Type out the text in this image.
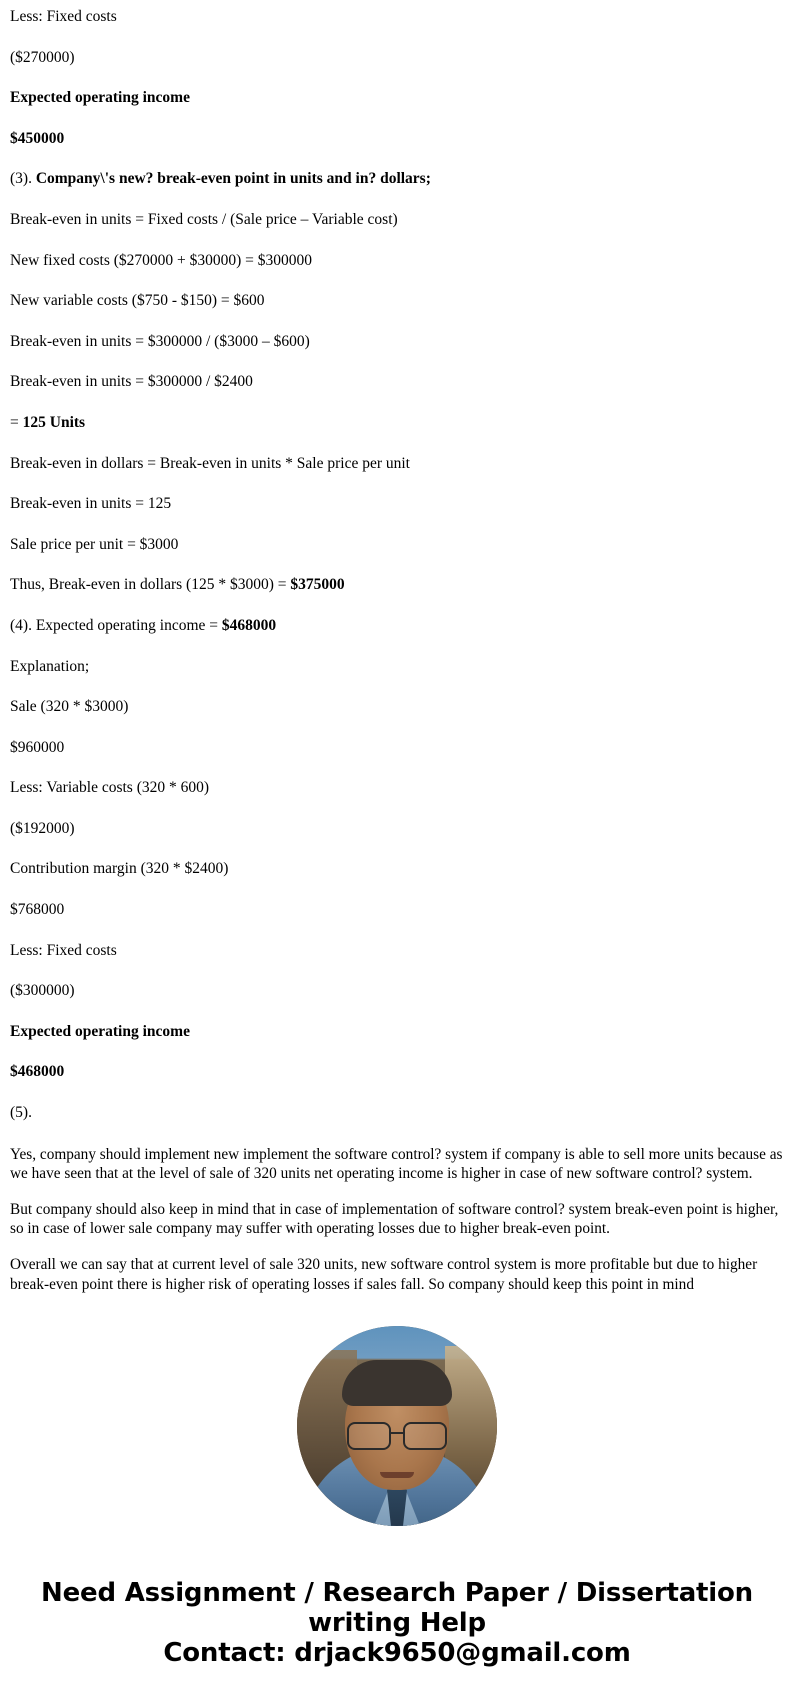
Less: Fixed costs

($270000)

Expected operating income

$450000

(3). Company\'s new? break-even point in units and in? dollars;

Break-even in units = Fixed costs / (Sale price – Variable cost)

New fixed costs ($270000 + $30000) = $300000

New variable costs ($750 - $150) = $600

Break-even in units = $300000 / ($3000 – $600)

Break-even in units = $300000 / $2400

= 125 Units

Break-even in dollars = Break-even in units * Sale price per unit

Break-even in units = 125

Sale price per unit = $3000

Thus, Break-even in dollars (125 * $3000) = $375000

(4). Expected operating income = $468000

Explanation;

Sale (320 * $3000)

$960000

Less: Variable costs (320 * 600)

($192000)

Contribution margin (320 * $2400)

$768000

Less: Fixed costs

($300000)

Expected operating income

$468000

(5).

Yes, company should implement new implement the software control? system if company is able to sell more units because as we have seen that at the level of sale of 320 units net operating income is higher in case of new software control? system.

But company should also keep in mind that in case of implementation of software control? system break-even point is higher, so in case of lower sale company may suffer with operating losses due to higher break-even point.

Overall we can say that at current level of sale 320 units, new software control system is more profitable but due to higher break-even point there is higher risk of operating losses if sales fall. So company should keep this point in mind

Need Assignment / Research Paper / Dissertation
writing Help
Contact: drjack9650@gmail.com
